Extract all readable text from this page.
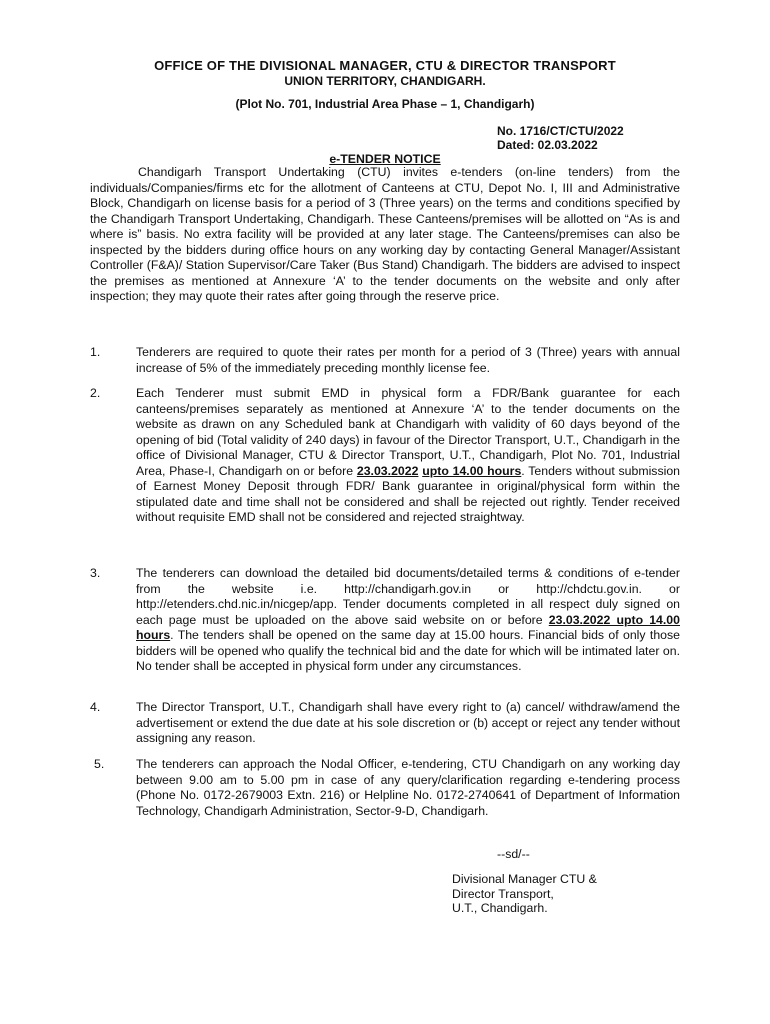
OFFICE OF THE DIVISIONAL MANAGER, CTU & DIRECTOR TRANSPORT
UNION TERRITORY, CHANDIGARH.
(Plot No. 701, Industrial Area Phase – 1, Chandigarh)
No. 1716/CT/CTU/2022
Dated: 02.03.2022
e-TENDER NOTICE
Chandigarh Transport Undertaking (CTU) invites e-tenders (on-line tenders) from the individuals/Companies/firms etc for the allotment of Canteens at CTU, Depot No. I, III and Administrative Block, Chandigarh on license basis for a period of 3 (Three years) on the terms and conditions specified by the Chandigarh Transport Undertaking, Chandigarh. These Canteens/premises will be allotted on “As is and where is” basis. No extra facility will be provided at any later stage. The Canteens/premises can also be inspected by the bidders during office hours on any working day by contacting General Manager/Assistant Controller (F&A)/ Station Supervisor/Care Taker (Bus Stand) Chandigarh. The bidders are advised to inspect the premises as mentioned at Annexure ‘A’ to the tender documents on the website and only after inspection; they may quote their rates after going through the reserve price.
1.	Tenderers are required to quote their rates per month for a period of 3 (Three) years with annual increase of 5% of the immediately preceding monthly license fee.
2.	Each Tenderer must submit EMD in physical form a FDR/Bank guarantee for each canteens/premises separately as mentioned at Annexure ‘A’ to the tender documents on the website as drawn on any Scheduled bank at Chandigarh with validity of 60 days beyond of the opening of bid (Total validity of 240 days) in favour of the Director Transport, U.T., Chandigarh in the office of Divisional Manager, CTU & Director Transport, U.T., Chandigarh, Plot No. 701, Industrial Area, Phase-I, Chandigarh on or before 23.03.2022 upto 14.00 hours. Tenders without submission of Earnest Money Deposit through FDR/ Bank guarantee in original/physical form within the stipulated date and time shall not be considered and shall be rejected out rightly. Tender received without requisite EMD shall not be considered and rejected straightway.
3.	The tenderers can download the detailed bid documents/detailed terms & conditions of e-tender from the website i.e. http://chandigarh.gov.in or http://chdctu.gov.in. or http://etenders.chd.nic.in/nicgep/app. Tender documents completed in all respect duly signed on each page must be uploaded on the above said website on or before 23.03.2022 upto 14.00 hours. The tenders shall be opened on the same day at 15.00 hours. Financial bids of only those bidders will be opened who qualify the technical bid and the date for which will be intimated later on. No tender shall be accepted in physical form under any circumstances.
4.	The Director Transport, U.T., Chandigarh shall have every right to (a) cancel/ withdraw/amend the advertisement or extend the due date at his sole discretion or (b) accept or reject any tender without assigning any reason.
5.	The tenderers can approach the Nodal Officer, e-tendering, CTU Chandigarh on any working day between 9.00 am to 5.00 pm in case of any query/clarification regarding e-tendering process (Phone No. 0172-2679003 Extn. 216) or Helpline No. 0172-2740641 of Department of Information Technology, Chandigarh Administration, Sector-9-D, Chandigarh.
--sd/--
Divisional Manager CTU &
Director Transport,
U.T., Chandigarh.
